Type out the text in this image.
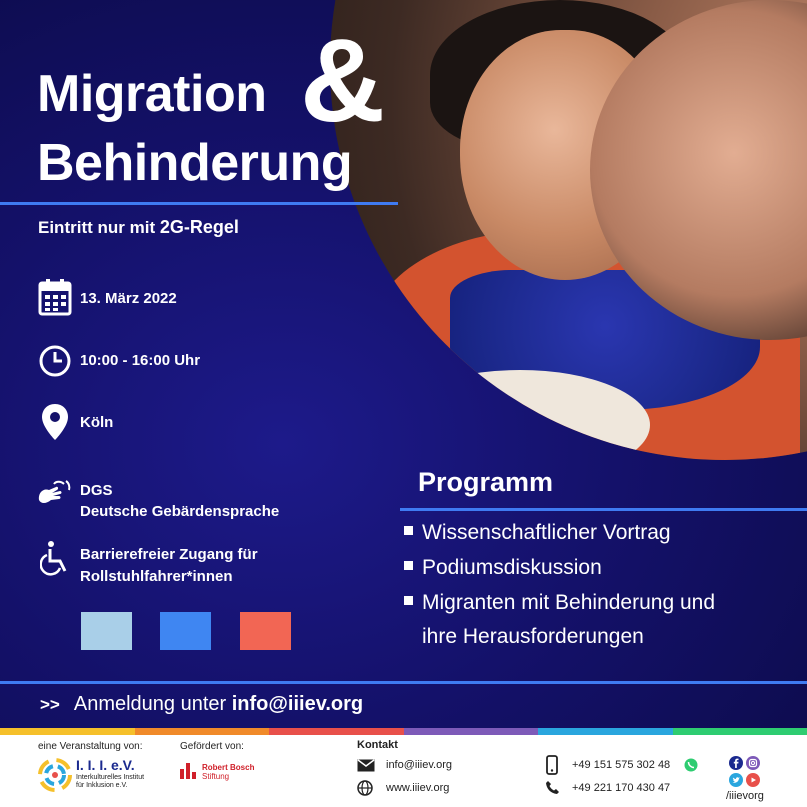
Migration &
Behinderung
Eintritt nur mit 2G-Regel
13. März 2022
10:00 - 16:00 Uhr
Köln
DGS
Deutsche Gebärdensprache
Barrierefreier Zugang für
Rollstuhlfahrer*innen
Programm
Wissenschaftlicher Vortrag
Podiumsdiskussion
Migranten mit Behinderung und
ihre Herausforderungen
>> Anmeldung unter info@iiiev.org
eine Veranstaltung von:
I. I. I. e.V.
Interkulturelles Institut
für Inklusion e.V.
Gefördert von:
Robert Bosch
Stiftung
Kontakt
info@iiiev.org
www.iiiev.org
+49 151 575 302 48
+49 221 170 430 47
/iiievorg
